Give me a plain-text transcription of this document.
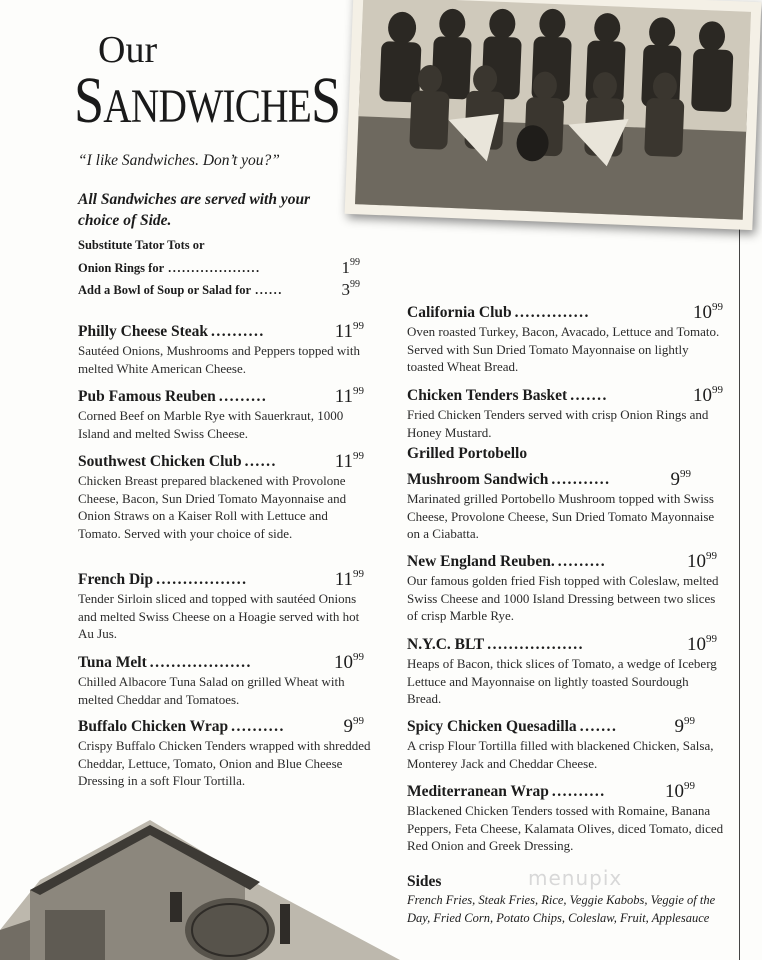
Our
SANDWICHES
“I like Sandwiches. Don’t you?”
All Sandwiches are served with your choice of Side.
Substitute Tator Tots or
Onion Rings for ....................	$1^{99}$
Add a Bowl of Soup or Salad for ......	$3^{99}$
Philly Cheese Steak ..........	$11^{99}$
Sautéed Onions, Mushrooms and Peppers topped with melted White American Cheese.
Pub Famous Reuben .........	$11^{99}$
Corned Beef on Marble Rye with Sauerkraut, 1000 Island and melted Swiss Cheese.
Southwest Chicken Club ......	$11^{99}$
Chicken Breast prepared blackened with Provolone Cheese, Bacon, Sun Dried Tomato Mayonnaise and Onion Straws on a Kaiser Roll with Lettuce and Tomato. Served with your choice of side.
French Dip .................	$11^{99}$
Tender Sirloin sliced and topped with sautéed Onions and melted Swiss Cheese on a Hoagie served with hot Au Jus.
Tuna Melt ...................	$10^{99}$
Chilled Albacore Tuna Salad on grilled Wheat with melted Cheddar and Tomatoes.
Buffalo Chicken Wrap ..........	$9^{99}$
Crispy Buffalo Chicken Tenders wrapped with shredded Cheddar, Lettuce, Tomato, Onion and Blue Cheese Dressing in a soft Flour Tortilla.
California Club ..............	$10^{99}$
Oven roasted Turkey, Bacon, Avacado, Lettuce and Tomato. Served with Sun Dried Tomato Mayonnaise on lightly toasted Wheat Bread.
Chicken Tenders Basket .......	$10^{99}$
Fried Chicken Tenders served with crisp Onion Rings and Honey Mustard.
Grilled Portobello
Mushroom Sandwich ...........	$9^{99}$
Marinated grilled Portobello Mushroom topped with Swiss Cheese, Provolone Cheese, Sun Dried Tomato Mayonnaise on a Ciabatta.
New England Reuben. .........	$10^{99}$
Our famous golden fried Fish topped with Coleslaw, melted Swiss Cheese and 1000 Island Dressing between two slices of crisp Marble Rye.
N.Y.C. BLT ..................	$10^{99}$
Heaps of Bacon, thick slices of Tomato, a wedge of Iceberg Lettuce and Mayonnaise on lightly toasted Sourdough Bread.
Spicy Chicken Quesadilla .......	$9^{99}$
A crisp Flour Tortilla filled with blackened Chicken, Salsa, Monterey Jack and Cheddar Cheese.
Mediterranean Wrap ..........	$10^{99}$
Blackened Chicken Tenders tossed with Romaine, Banana Peppers, Feta Cheese, Kalamata Olives, diced Tomato, diced Red Onion and Greek Dressing.
Sides
French Fries, Steak Fries, Rice, Veggie Kabobs, Veggie of the Day, Fried Corn, Potato Chips, Coleslaw, Fruit, Applesauce
menupix
